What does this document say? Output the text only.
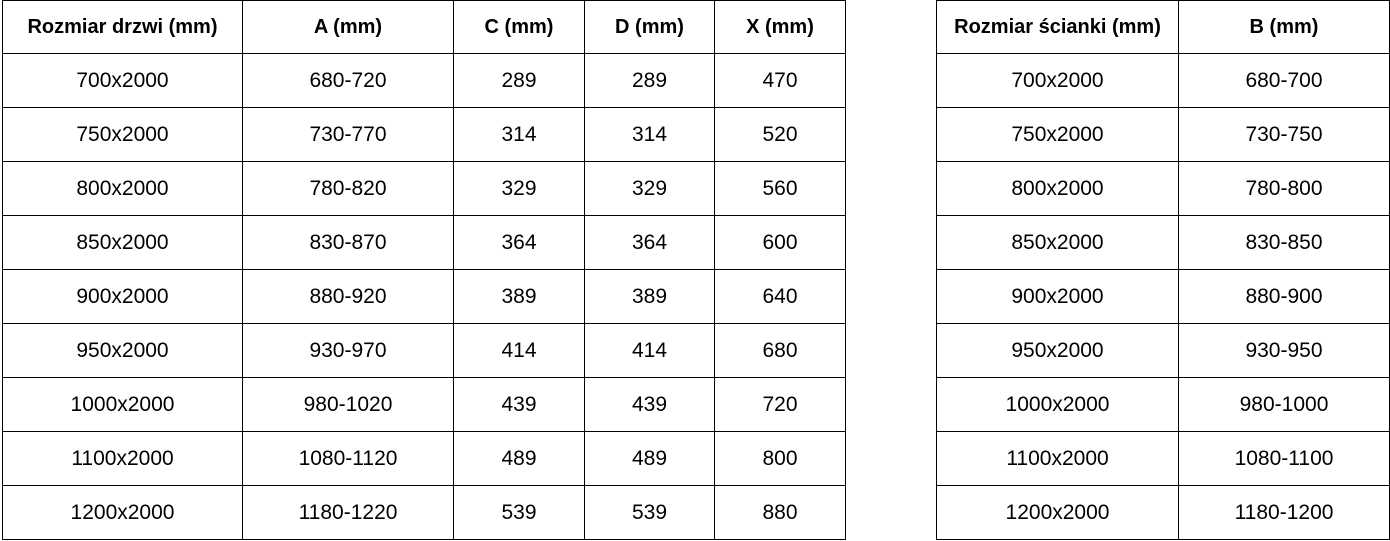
Rozmiar drzwi (mm)	A (mm)	C (mm)	D (mm)	X (mm)
700x2000	680-720	289	289	470
750x2000	730-770	314	314	520
800x2000	780-820	329	329	560
850x2000	830-870	364	364	600
900x2000	880-920	389	389	640
950x2000	930-970	414	414	680
1000x2000	980-1020	439	439	720
1100x2000	1080-1120	489	489	800
1200x2000	1180-1220	539	539	880
Rozmiar ścianki (mm)	B (mm)
700x2000	680-700
750x2000	730-750
800x2000	780-800
850x2000	830-850
900x2000	880-900
950x2000	930-950
1000x2000	980-1000
1100x2000	1080-1100
1200x2000	1180-1200
